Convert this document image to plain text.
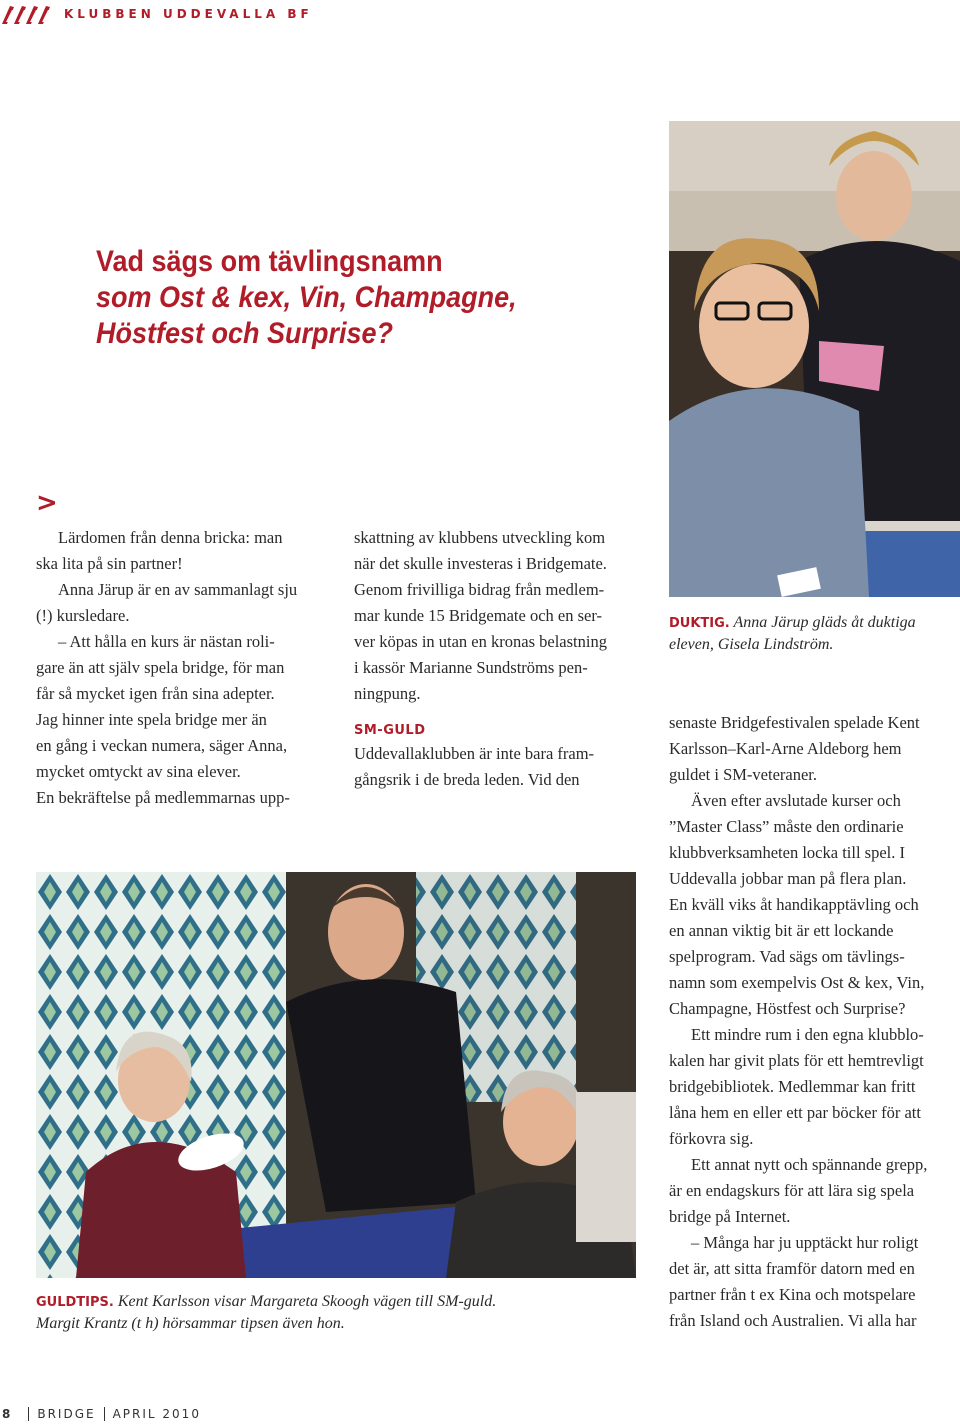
KLUBBEN UDDEVALLA BF
Vad sägs om tävlingsnamn
som Ost & kex, Vin, Champagne,
Höstfest och Surprise?
>

Lärdomen från denna bricka: man

ska lita på sin partner!

Anna Järup är en av sammanlagt sju

(!) kursledare.

– Att hålla en kurs är nästan roli-

gare än att själv spela bridge, för man

får så mycket igen från sina adepter.

Jag hinner inte spela bridge mer än

en gång i veckan numera, säger Anna,

mycket omtyckt av sina elever.

En bekräftelse på medlemmarnas upp-

skattning av klubbens utveckling kom

när det skulle investeras i Bridgemate.

Genom frivilliga bidrag från medlem-

mar kunde 15 Bridgemate och en ser-

ver köpas in utan en kronas belastning

i kassör Marianne Sundströms pen-

ningpung.

SM-GULD

Uddevallaklubben är inte bara fram-

gångsrik i de breda leden. Vid den

DUKTIG. Anna Järup gläds åt duktiga

eleven, Gisela Lindström.

senaste Bridgefestivalen spelade Kent

Karlsson–Karl-Arne Aldeborg hem

guldet i SM-veteraner.

Även efter avslutade kurser och

”Master Class” måste den ordinarie

klubbverksamheten locka till spel. I

Uddevalla jobbar man på flera plan.

En kväll viks åt handikapptävling och

en annan viktig bit är ett lockande

spelprogram. Vad sägs om tävlings-

namn som exempelvis Ost & kex, Vin,

Champagne, Höstfest och Surprise?

Ett mindre rum i den egna klubblo-

kalen har givit plats för ett hemtrevligt

bridgebibliotek. Medlemmar kan fritt

låna hem en eller ett par böcker för att

förkovra sig.

Ett annat nytt och spännande grepp,

är en endagskurs för att lära sig spela

bridge på Internet.

– Många har ju upptäckt hur roligt

det är, att sitta framför datorn med en

partner från t ex Kina och motspelare

från Island och Australien. Vi alla har

GULDTIPS. Kent Karlsson visar Margareta Skoogh vägen till SM-guld.

Margit Krantz (t h) hörsammar tipsen även hon.

8 BRIDGE APRIL 2010
